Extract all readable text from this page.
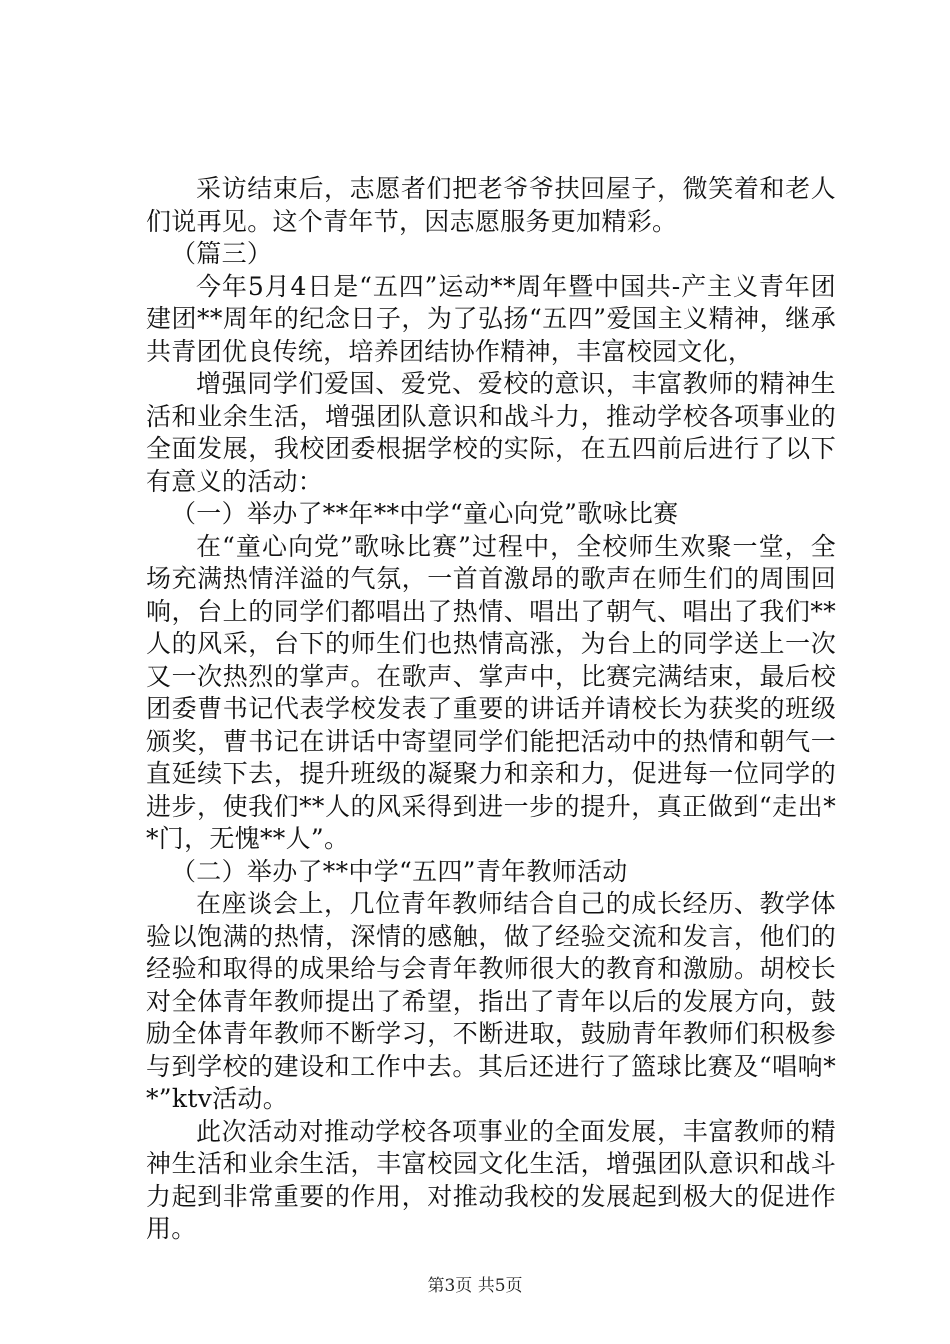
采访结束后，志愿者们把老爷爷扶回屋子，微笑着和老人们说再见。这个青年节，因志愿服务更加精彩。

（篇三）

今年5月4日是“五四”运动**周年暨中国共-产主义青年团建团**周年的纪念日子，为了弘扬“五四”爱国主义精神，继承共青团优良传统，培养团结协作精神，丰富校园文化，

增强同学们爱国、爱党、爱校的意识，丰富教师的精神生活和业余生活，增强团队意识和战斗力，推动学校各项事业的全面发展，我校团委根据学校的实际，在五四前后进行了以下有意义的活动：

（一）举办了**年**中学“童心向党”歌咏比赛

在“童心向党”歌咏比赛”过程中，全校师生欢聚一堂，全场充满热情洋溢的气氛，一首首激昂的歌声在师生们的周围回响，台上的同学们都唱出了热情、唱出了朝气、唱出了我们**人的风采，台下的师生们也热情高涨，为台上的同学送上一次又一次热烈的掌声。在歌声、掌声中，比赛完满结束，最后校团委曹书记代表学校发表了重要的讲话并请校长为获奖的班级颁奖，曹书记在讲话中寄望同学们能把活动中的热情和朝气一直延续下去，提升班级的凝聚力和亲和力，促进每一位同学的进步，使我们**人的风采得到进一步的提升，真正做到“走出**门，无愧**人”。

（二）举办了**中学“五四”青年教师活动

在座谈会上，几位青年教师结合自己的成长经历、教学体验以饱满的热情，深情的感触，做了经验交流和发言，他们的经验和取得的成果给与会青年教师很大的教育和激励。胡校长对全体青年教师提出了希望，指出了青年以后的发展方向，鼓励全体青年教师不断学习，不断进取，鼓励青年教师们积极参与到学校的建设和工作中去。其后还进行了篮球比赛及“唱响**”ktv活动。

此次活动对推动学校各项事业的全面发展，丰富教师的精神生活和业余生活，丰富校园文化生活，增强团队意识和战斗力起到非常重要的作用，对推动我校的发展起到极大的促进作用。

第3页 共5页
